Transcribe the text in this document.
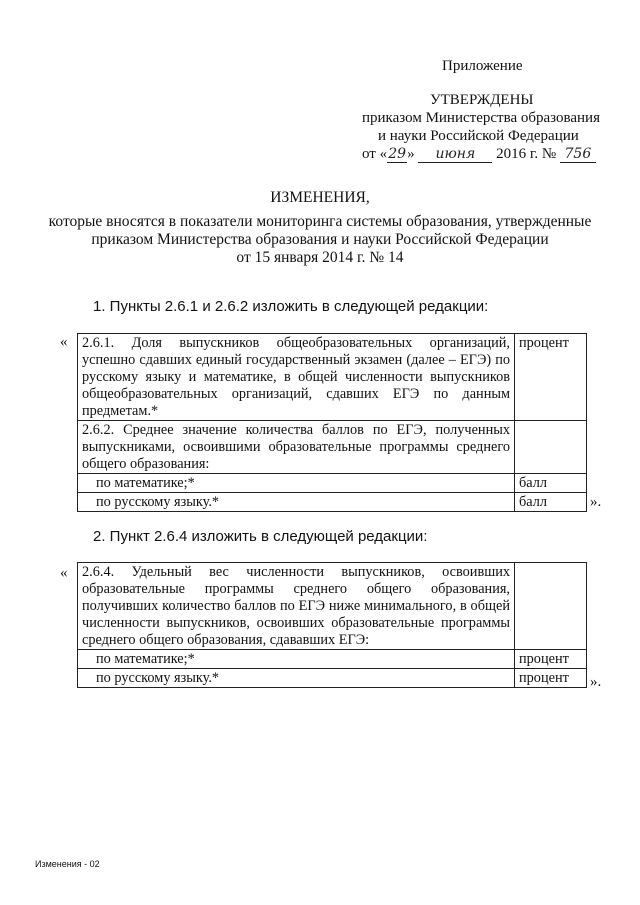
Приложение
УТВЕРЖДЕНЫ
приказом Министерства образования
и науки Российской Федерации
от «29» июня 2016 г. № 756
ИЗМЕНЕНИЯ,
которые вносятся в показатели мониторинга системы образования, утвержденные
приказом Министерства образования и науки Российской Федерации
от 15 января 2014 г. № 14
1. Пункты 2.6.1 и 2.6.2 изложить в следующей редакции:
« 2.6.1. Доля выпускников общеобразовательных организаций, успешно сдавших единый государственный экзамен (далее – ЕГЭ) по русскому языку и математике, в общей численности выпускников общеобразовательных организаций, сдавших ЕГЭ по данным предметам.*	процент
2.6.2. Среднее значение количества баллов по ЕГЭ, полученных выпускниками, освоившими образовательные программы среднего общего образования:	
по математике;*	балл
по русскому языку.*	балл	».
2. Пункт 2.6.4 изложить в следующей редакции:
« 2.6.4. Удельный вес численности выпускников, освоивших образовательные программы среднего общего образования, получивших количество баллов по ЕГЭ ниже минимального, в общей численности выпускников, освоивших образовательные программы среднего общего образования, сдававших ЕГЭ:	
по математике;*	процент
по русскому языку.*	процент ».
Изменения - 02
